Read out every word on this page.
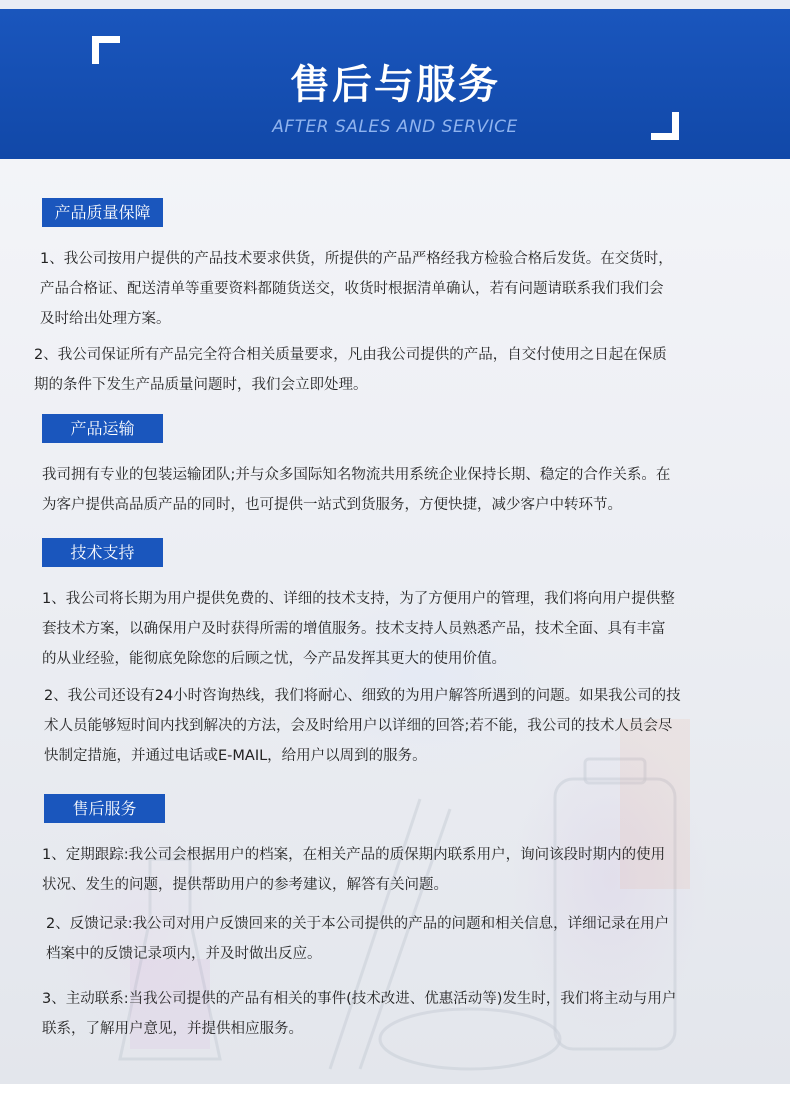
售后与服务
AFTER SALES AND SERVICE
产品质量保障

1、我公司按用户提供的产品技术要求供货，所提供的产品严格经我方检验合格后发货。在交货时，

产品合格证、配送清单等重要资料都随货送交，收货时根据清单确认，若有问题请联系我们我们会

及时给出处理方案。

2、我公司保证所有产品完全符合相关质量要求，凡由我公司提供的产品，自交付使用之日起在保质

期的条件下发生产品质量问题时，我们会立即处理。

产品运输

我司拥有专业的包装运输团队;并与众多国际知名物流共用系统企业保持长期、稳定的合作关系。在

为客户提供高品质产品的同时，也可提供一站式到货服务，方便快捷，减少客户中转环节。

技术支持

1、我公司将长期为用户提供免费的、详细的技术支持，为了方便用户的管理，我们将向用户提供整

套技术方案，以确保用户及时获得所需的增值服务。技术支持人员熟悉产品，技术全面、具有丰富

的从业经验，能彻底免除您的后顾之忧，今产品发挥其更大的使用价值。

2、我公司还设有24小时咨询热线，我们将耐心、细致的为用户解答所遇到的问题。如果我公司的技

术人员能够短时间内找到解决的方法，会及时给用户以详细的回答;若不能，我公司的技术人员会尽

快制定措施，并通过电话或E-MAIL，给用户以周到的服务。

售后服务

1、定期跟踪:我公司会根据用户的档案，在相关产品的质保期内联系用户，询问该段时期内的使用

状况、发生的问题，提供帮助用户的参考建议，解答有关问题。

2、反馈记录:我公司对用户反馈回来的关于本公司提供的产品的问题和相关信息，详细记录在用户

档案中的反馈记录项内，并及时做出反应。

3、主动联系:当我公司提供的产品有相关的事件(技术改进、优惠活动等)发生时，我们将主动与用户

联系，了解用户意见，并提供相应服务。
